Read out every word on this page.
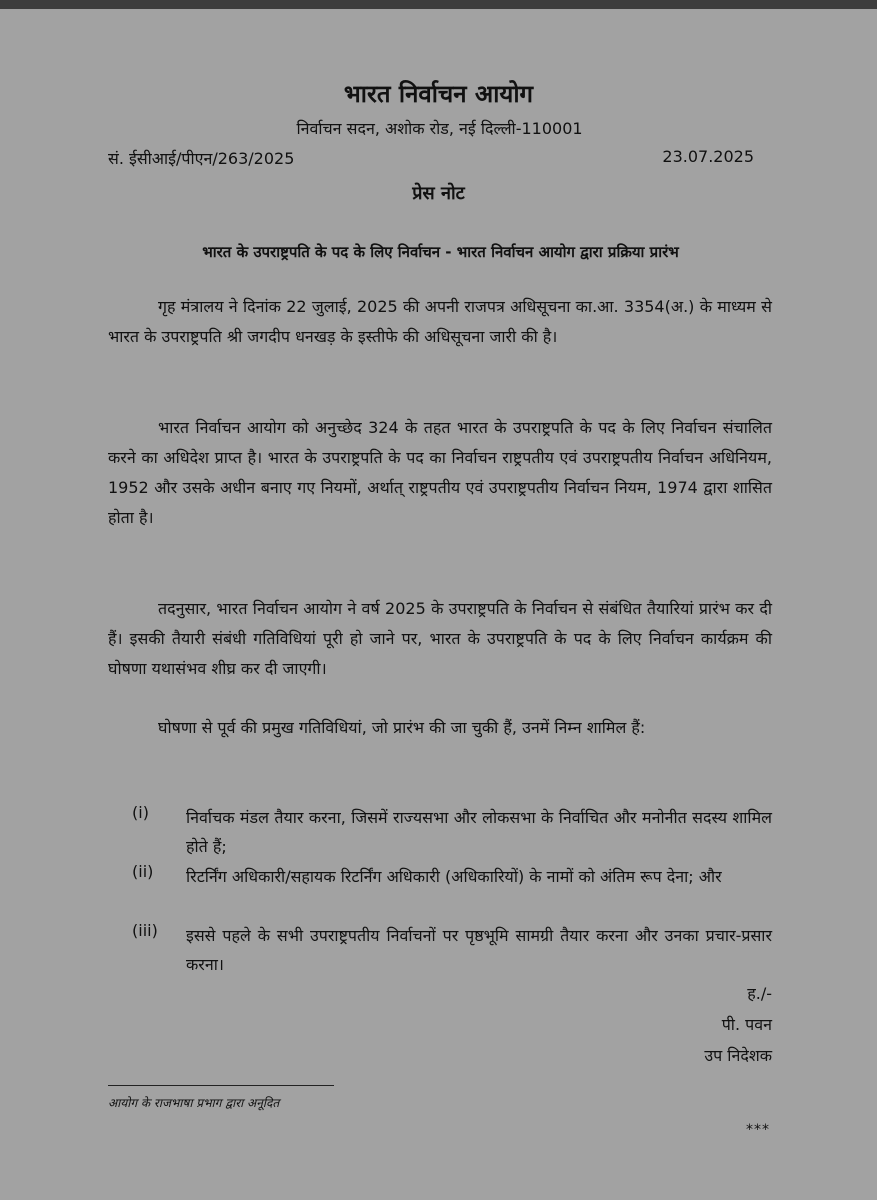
भारत निर्वाचन आयोग
निर्वाचन सदन, अशोक रोड, नई दिल्ली-110001
सं. ईसीआई/पीएन/263/2025	23.07.2025
प्रेस नोट
भारत के उपराष्ट्रपति के पद के लिए निर्वाचन - भारत निर्वाचन आयोग द्वारा प्रक्रिया प्रारंभ

गृह मंत्रालय ने दिनांक 22 जुलाई, 2025 की अपनी राजपत्र अधिसूचना का.आ. 3354(अ.) के माध्यम से भारत के उपराष्ट्रपति श्री जगदीप धनखड़ के इस्तीफे की अधिसूचना जारी की है।

भारत निर्वाचन आयोग को अनुच्छेद 324 के तहत भारत के उपराष्ट्रपति के पद के लिए निर्वाचन संचालित करने का अधिदेश प्राप्त है। भारत के उपराष्ट्रपति के पद का निर्वाचन राष्ट्रपतीय एवं उपराष्ट्रपतीय निर्वाचन अधिनियम, 1952 और उसके अधीन बनाए गए नियमों, अर्थात् राष्ट्रपतीय एवं उपराष्ट्रपतीय निर्वाचन नियम, 1974 द्वारा शासित होता है।

तदनुसार, भारत निर्वाचन आयोग ने वर्ष 2025 के उपराष्ट्रपति के निर्वाचन से संबंधित तैयारियां प्रारंभ कर दी हैं। इसकी तैयारी संबंधी गतिविधियां पूरी हो जाने पर, भारत के उपराष्ट्रपति के पद के लिए निर्वाचन कार्यक्रम की घोषणा यथासंभव शीघ्र कर दी जाएगी।

घोषणा से पूर्व की प्रमुख गतिविधियां, जो प्रारंभ की जा चुकी हैं, उनमें निम्न शामिल हैं:

(i) निर्वाचक मंडल तैयार करना, जिसमें राज्यसभा और लोकसभा के निर्वाचित और मनोनीत सदस्य शामिल होते हैं;
(ii) रिटर्निंग अधिकारी/सहायक रिटर्निंग अधिकारी (अधिकारियों) के नामों को अंतिम रूप देना; और
(iii) इससे पहले के सभी उपराष्ट्रपतीय निर्वाचनों पर पृष्ठभूमि सामग्री तैयार करना और उनका प्रचार-प्रसार करना।
ह./-
पी. पवन
उप निदेशक
आयोग के राजभाषा प्रभाग द्वारा अनूदित
***
